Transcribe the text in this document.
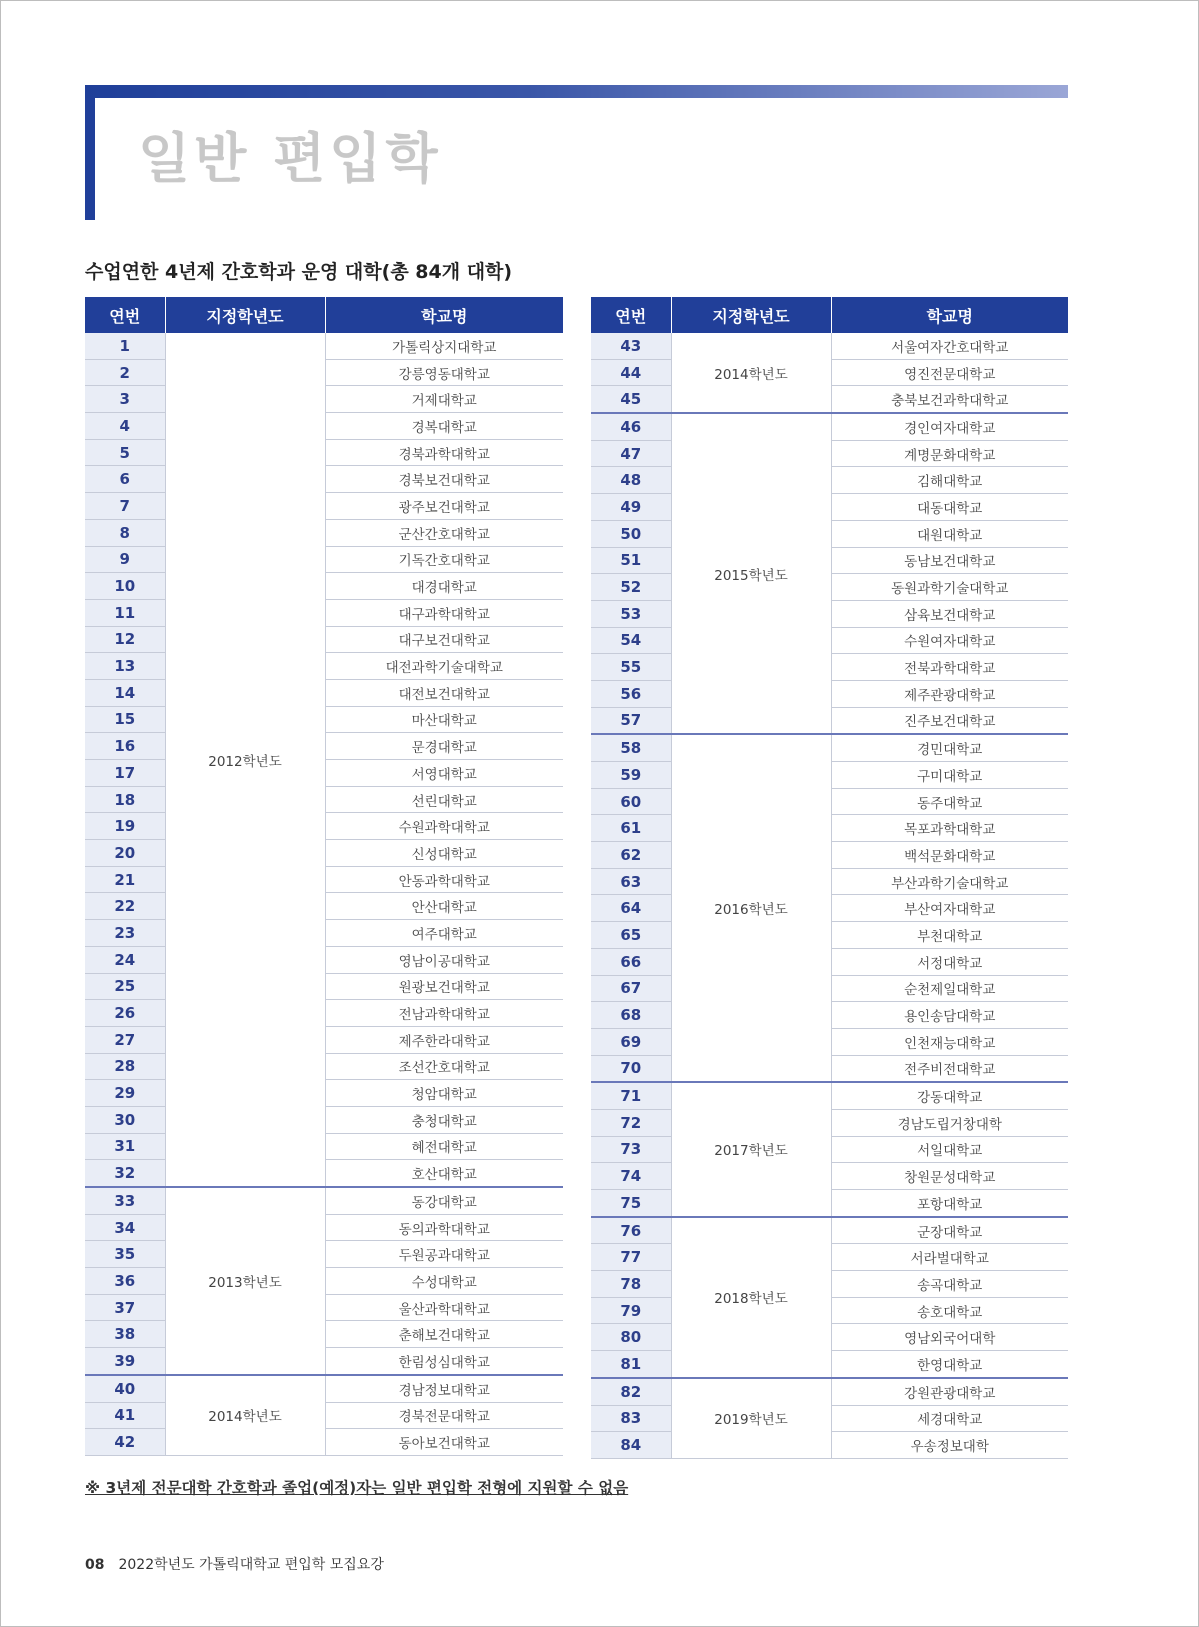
일반 편입학
수업연한 4년제 간호학과 운영 대학(총 84개 대학)
연번	지정학년도	학교명
1	2012학년도	가톨릭상지대학교
2		강릉영동대학교
3		거제대학교
4		경복대학교
5		경북과학대학교
6		경북보건대학교
7		광주보건대학교
8		군산간호대학교
9		기독간호대학교
10		대경대학교
11		대구과학대학교
12		대구보건대학교
13		대전과학기술대학교
14		대전보건대학교
15		마산대학교
16		문경대학교
17		서영대학교
18		선린대학교
19		수원과학대학교
20		신성대학교
21		안동과학대학교
22		안산대학교
23		여주대학교
24		영남이공대학교
25		원광보건대학교
26		전남과학대학교
27		제주한라대학교
28		조선간호대학교
29		청암대학교
30		충청대학교
31		혜전대학교
32		호산대학교
33	2013학년도	동강대학교
34		동의과학대학교
35		두원공과대학교
36		수성대학교
37		울산과학대학교
38		춘해보건대학교
39		한림성심대학교
40	2014학년도	경남정보대학교
41		경북전문대학교
42		동아보건대학교
연번	지정학년도	학교명
43	2014학년도	서울여자간호대학교
44		영진전문대학교
45		충북보건과학대학교
46	2015학년도	경인여자대학교
47		계명문화대학교
48		김해대학교
49		대동대학교
50		대원대학교
51		동남보건대학교
52		동원과학기술대학교
53		삼육보건대학교
54		수원여자대학교
55		전북과학대학교
56		제주관광대학교
57		진주보건대학교
58	2016학년도	경민대학교
59		구미대학교
60		동주대학교
61		목포과학대학교
62		백석문화대학교
63		부산과학기술대학교
64		부산여자대학교
65		부천대학교
66		서정대학교
67		순천제일대학교
68		용인송담대학교
69		인천재능대학교
70		전주비전대학교
71	2017학년도	강동대학교
72		경남도립거창대학
73		서일대학교
74		창원문성대학교
75		포항대학교
76	2018학년도	군장대학교
77		서라벌대학교
78		송곡대학교
79		송호대학교
80		영남외국어대학
81		한영대학교
82	2019학년도	강원관광대학교
83		세경대학교
84		우송정보대학
※ 3년제 전문대학 간호학과 졸업(예정)자는 일반 편입학 전형에 지원할 수 없음
08 2022학년도 가톨릭대학교 편입학 모집요강
